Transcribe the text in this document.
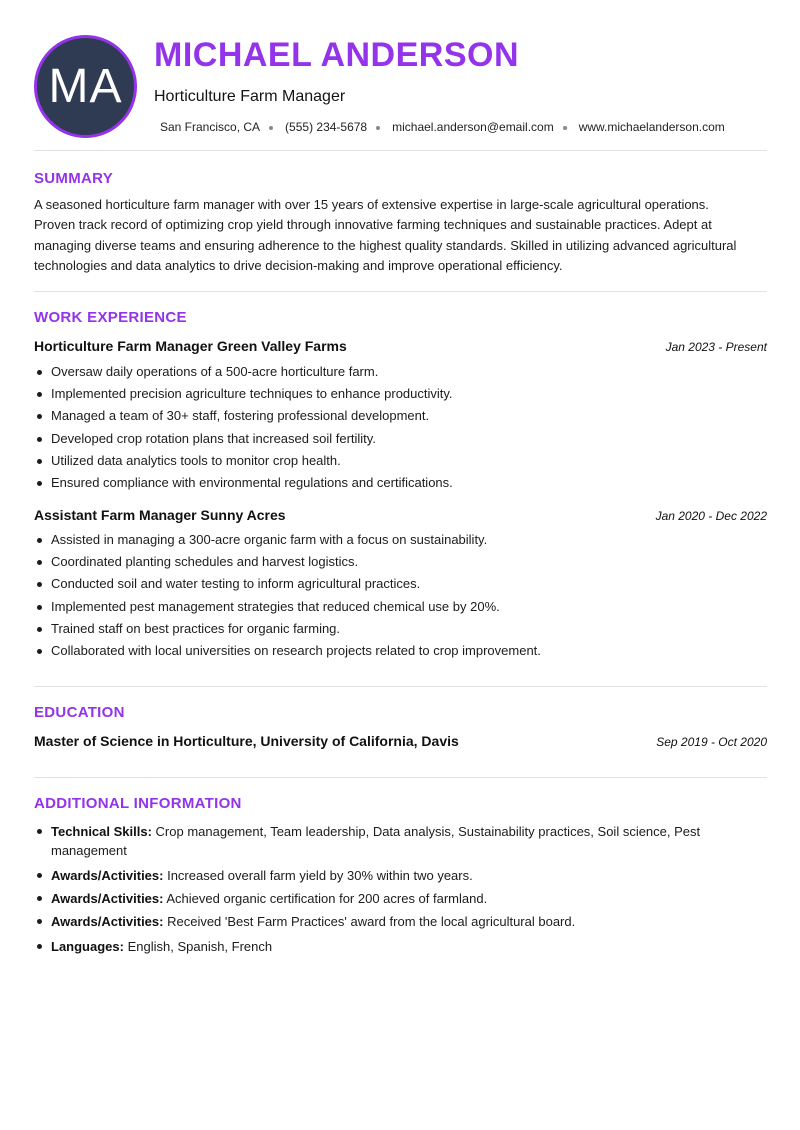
MA
MICHAEL ANDERSON
Horticulture Farm Manager
San Francisco, CA (555) 234-5678 michael.anderson@email.com www.michaelanderson.com
SUMMARY
A seasoned horticulture farm manager with over 15 years of extensive expertise in large-scale agricultural operations.
Proven track record of optimizing crop yield through innovative farming techniques and sustainable practices. Adept at
managing diverse teams and ensuring adherence to the highest quality standards. Skilled in utilizing advanced agricultural
technologies and data analytics to drive decision-making and improve operational efficiency.
WORK EXPERIENCE
Horticulture Farm Manager Green Valley Farms	Jan 2023 - Present
Oversaw daily operations of a 500-acre horticulture farm.
Implemented precision agriculture techniques to enhance productivity.
Managed a team of 30+ staff, fostering professional development.
Developed crop rotation plans that increased soil fertility.
Utilized data analytics tools to monitor crop health.
Ensured compliance with environmental regulations and certifications.
Assistant Farm Manager Sunny Acres	Jan 2020 - Dec 2022
Assisted in managing a 300-acre organic farm with a focus on sustainability.
Coordinated planting schedules and harvest logistics.
Conducted soil and water testing to inform agricultural practices.
Implemented pest management strategies that reduced chemical use by 20%.
Trained staff on best practices for organic farming.
Collaborated with local universities on research projects related to crop improvement.
EDUCATION
Master of Science in Horticulture, University of California, Davis	Sep 2019 - Oct 2020
ADDITIONAL INFORMATION
Technical Skills: Crop management, Team leadership, Data analysis, Sustainability practices, Soil science, Pest management
Awards/Activities: Increased overall farm yield by 30% within two years.
Awards/Activities: Achieved organic certification for 200 acres of farmland.
Awards/Activities: Received 'Best Farm Practices' award from the local agricultural board.
Languages: English, Spanish, French
